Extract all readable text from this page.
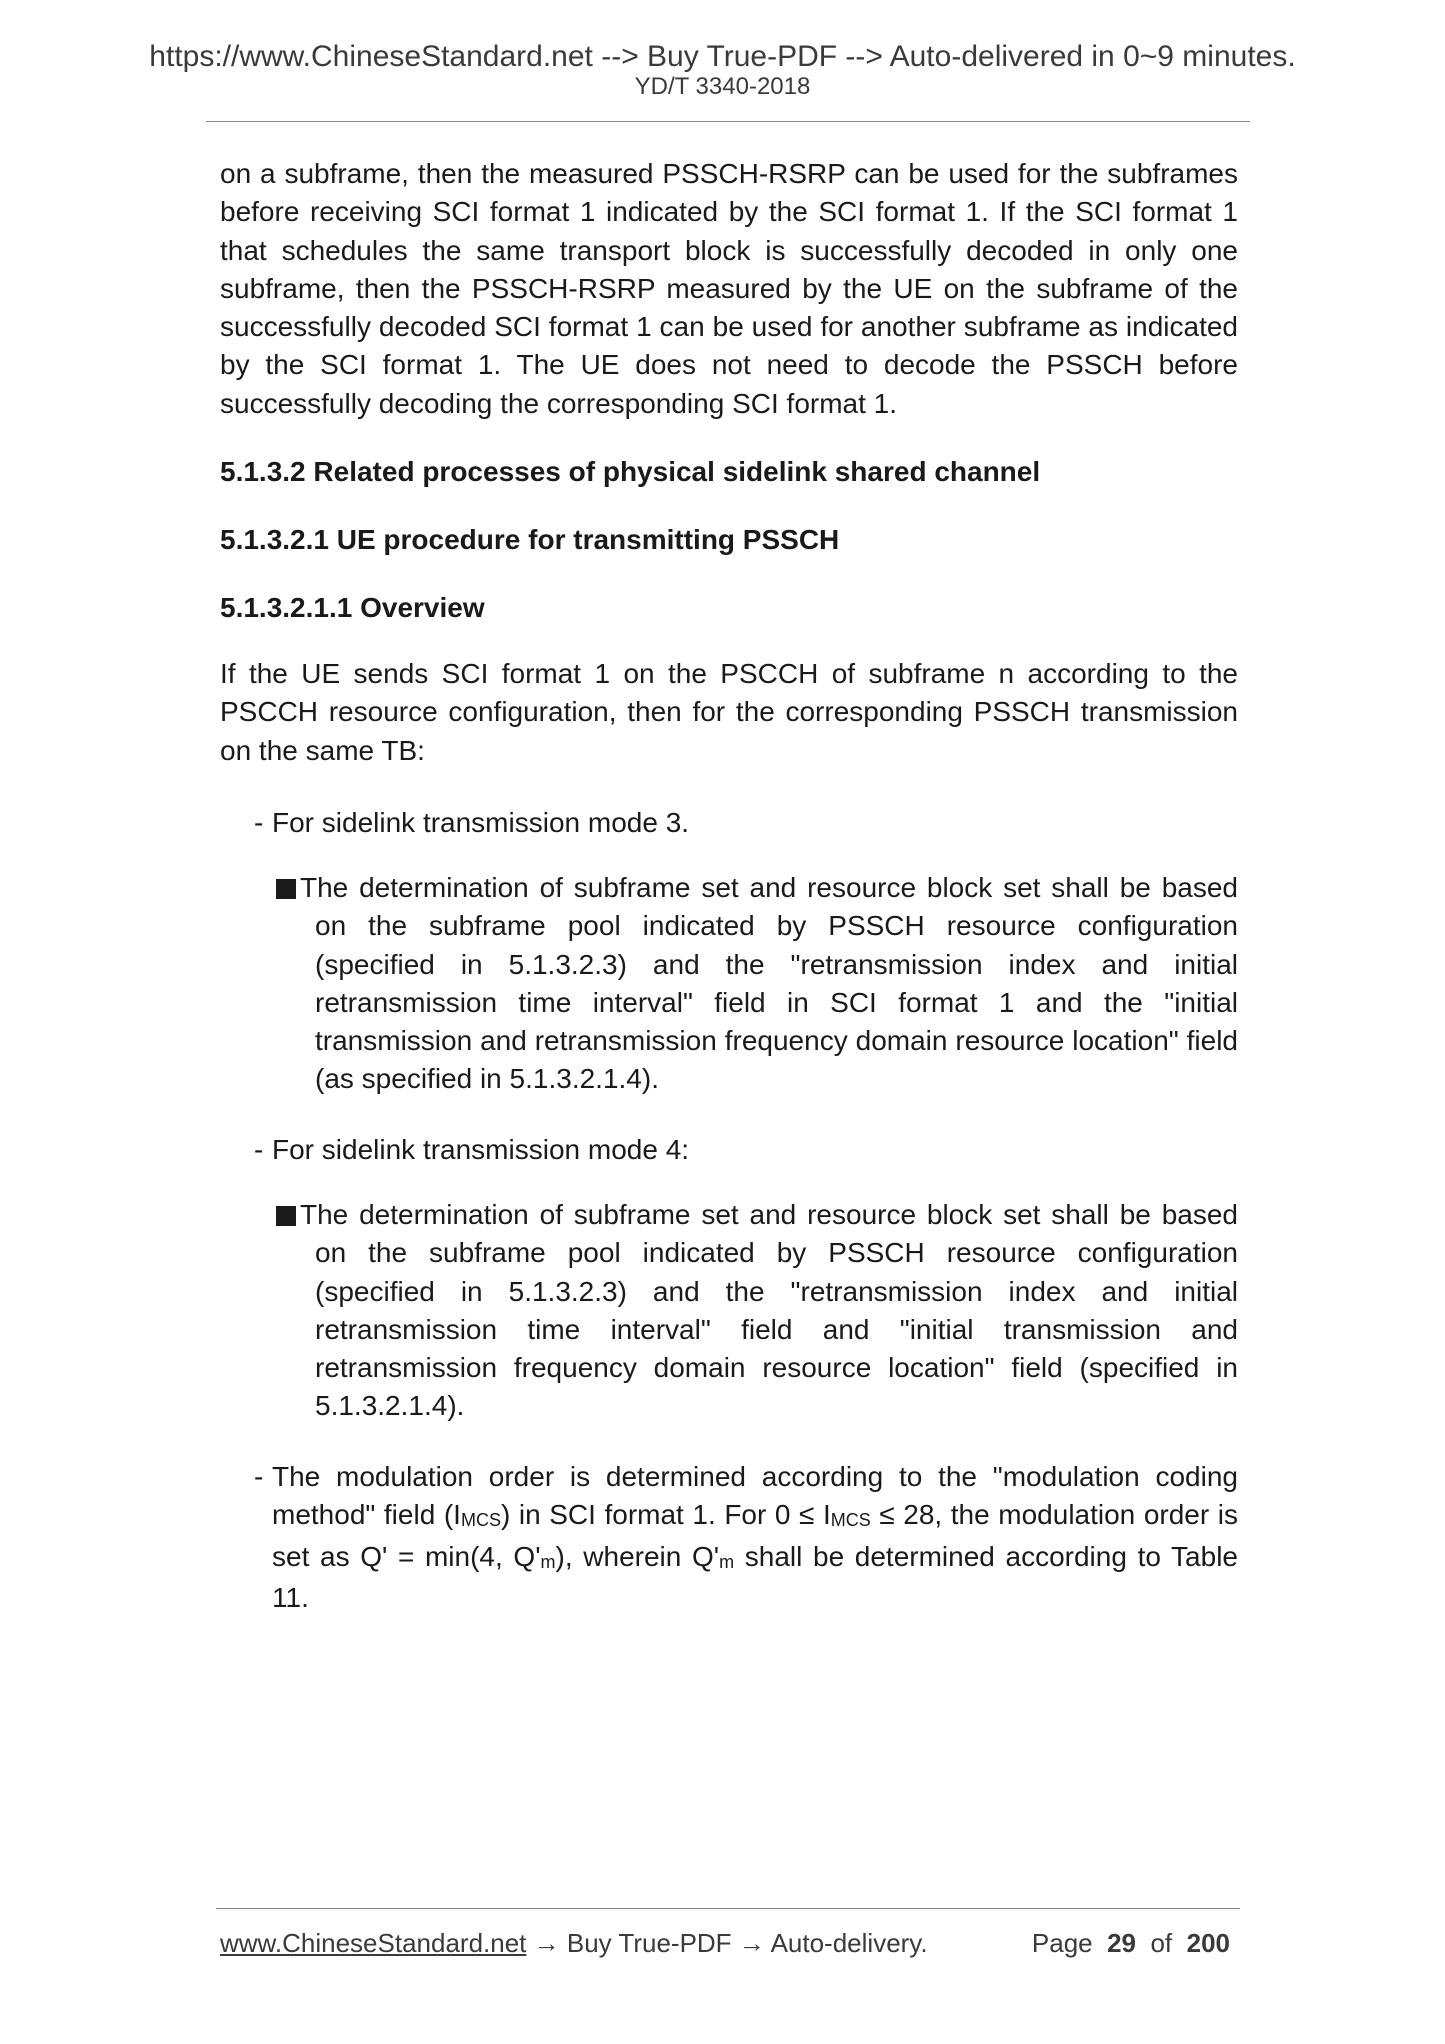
https://www.ChineseStandard.net --> Buy True-PDF --> Auto-delivered in 0~9 minutes.
YD/T 3340-2018

on a subframe, then the measured PSSCH-RSRP can be used for the subframes before receiving SCI format 1 indicated by the SCI format 1. If the SCI format 1 that schedules the same transport block is successfully decoded in only one subframe, then the PSSCH-RSRP measured by the UE on the subframe of the successfully decoded SCI format 1 can be used for another subframe as indicated by the SCI format 1. The UE does not need to decode the PSSCH before successfully decoding the corresponding SCI format 1.

5.1.3.2 Related processes of physical sidelink shared channel

5.1.3.2.1 UE procedure for transmitting PSSCH

5.1.3.2.1.1 Overview

If the UE sends SCI format 1 on the PSCCH of subframe n according to the PSCCH resource configuration, then for the corresponding PSSCH transmission on the same TB:

- For sidelink transmission mode 3.
The determination of subframe set and resource block set shall be based
on the subframe pool indicated by PSSCH resource configuration (specified in 5.1.3.2.3) and the "retransmission index and initial retransmission time interval" field in SCI format 1 and the "initial transmission and retransmission frequency domain resource location" field (as specified in 5.1.3.2.1.4).
- For sidelink transmission mode 4:
The determination of subframe set and resource block set shall be based
on the subframe pool indicated by PSSCH resource configuration (specified in 5.1.3.2.3) and the "retransmission index and initial retransmission time interval" field and "initial transmission and retransmission frequency domain resource location" field (specified in 5.1.3.2.1.4).
- The modulation order is determined according to the "modulation coding method" field $(I_{MCS})$ in SCI format 1. For $0 \le I_{MCS} \le 28$, the modulation order is set as Q' = min(4, $Q'_m$), wherein $Q'_m$ shall be determined according to Table 11.
www.ChineseStandard.net → Buy True-PDF → Auto-delivery.	Page 29 of 200
